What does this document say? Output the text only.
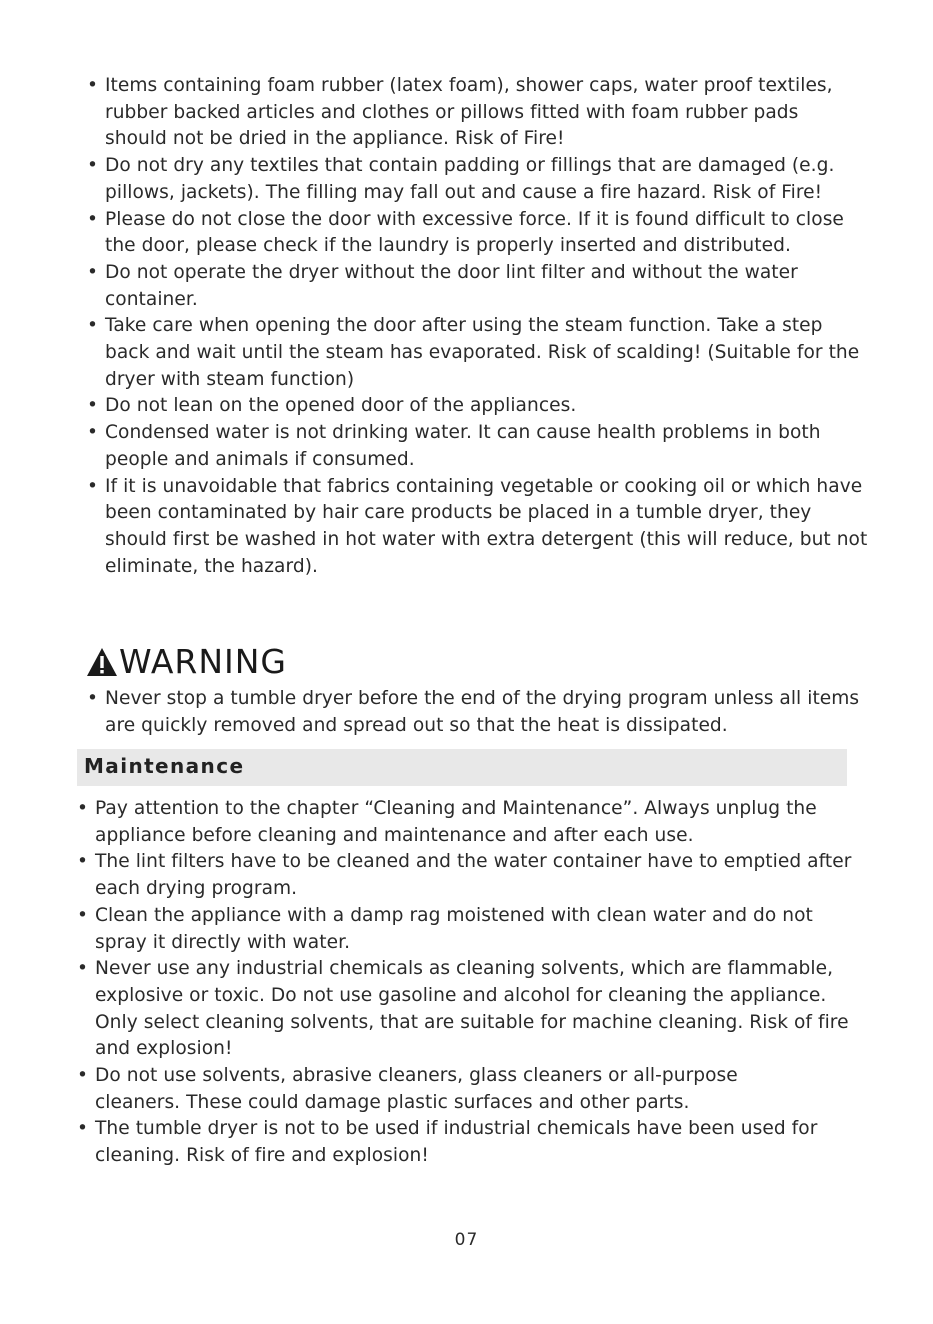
• Items containing foam rubber (latex foam), shower caps, water proof textiles, rubber backed articles and clothes or pillows fitted with foam rubber pads should not be dried in the appliance. Risk of Fire!
• Do not dry any textiles that contain padding or fillings that are damaged (e.g. pillows, jackets). The filling may fall out and cause a fire hazard. Risk of Fire!
• Please do not close the door with excessive force. If it is found difficult to close the door, please check if the laundry is properly inserted and distributed.
• Do not operate the dryer without the door lint filter and without the water container.
• Take care when opening the door after using the steam function. Take a step back and wait until the steam has evaporated. Risk of scalding! (Suitable for the dryer with steam function)
• Do not lean on the opened door of the appliances.
• Condensed water is not drinking water. It can cause health problems in both people and animals if consumed.
• If it is unavoidable that fabrics containing vegetable or cooking oil or which have been contaminated by hair care products be placed in a tumble dryer, they should first be washed in hot water with extra detergent (this will reduce, but not eliminate, the hazard).
WARNING
• Never stop a tumble dryer before the end of the drying program unless all items are quickly removed and spread out so that the heat is dissipated.
Maintenance
• Pay attention to the chapter “Cleaning and Maintenance”. Always unplug the appliance before cleaning and maintenance and after each use.
• The lint filters have to be cleaned and the water container have to emptied after each drying program.
• Clean the appliance with a damp rag moistened with clean water and do not spray it directly with water.
• Never use any industrial chemicals as cleaning solvents, which are flammable, explosive or toxic. Do not use gasoline and alcohol for cleaning the appliance. Only select cleaning solvents, that are suitable for machine cleaning. Risk of fire and explosion!
• Do not use solvents, abrasive cleaners, glass cleaners or all-purpose cleaners. These could damage plastic surfaces and other parts.
• The tumble dryer is not to be used if industrial chemicals have been used for cleaning. Risk of fire and explosion!
07
